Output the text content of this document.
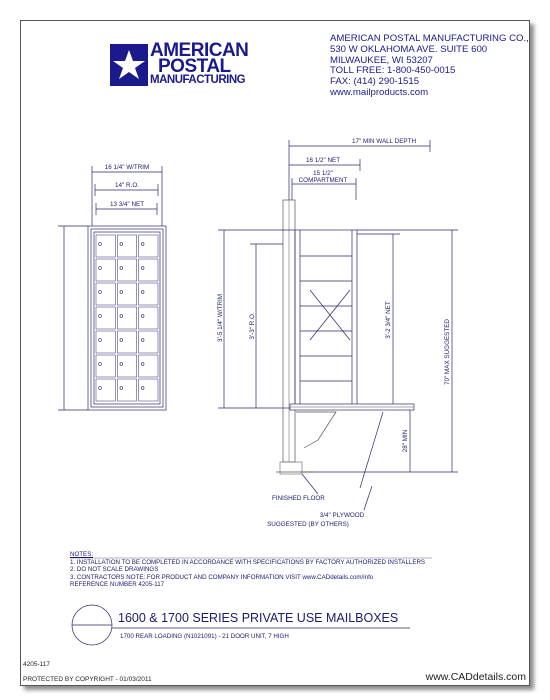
16 1/4" W/TRIM
14" R.O.
13 3/4" NET
3'-5 1/4" W/TRIM	3'-3" R.O.
17" MIN WALL DEPTH
16 1/2" NET
15 1/2"
COMPARTMENT
3'-2 3/4" NET	70" MAX SUGGESTED
28" MIN
FINISHED FLOOR
3/4" PLYWOOD
SUGGESTED (BY OTHERS)
AMERICAN
POSTAL
MANUFACTURING
AMERICAN POSTAL MANUFACTURING CO.,
530 W OKLAHOMA AVE. SUITE 600
MILWAUKEE, WI 53207
TOLL FREE: 1-800-450-0015
FAX: (414) 290-1515
www.mailproducts.com
NOTES:
1. INSTALLATION TO BE COMPLETED IN ACCORDANCE WITH SPECIFICATIONS BY FACTORY AUTHORIZED INSTALLERS
2. DO NOT SCALE DRAWINGS
3. CONTRACTORS NOTE: FOR PRODUCT AND COMPANY INFORMATION VISIT www.CADdetails.com/info
REFERENCE NUMBER 4205-117
1600 & 1700 SERIES PRIVATE USE MAILBOXES
1700 REAR LOADING (N1021091) - 21 DOOR UNIT, 7 HIGH
4205-117
PROTECTED BY COPYRIGHT - 01/03/2011	www.CADdetails.com
